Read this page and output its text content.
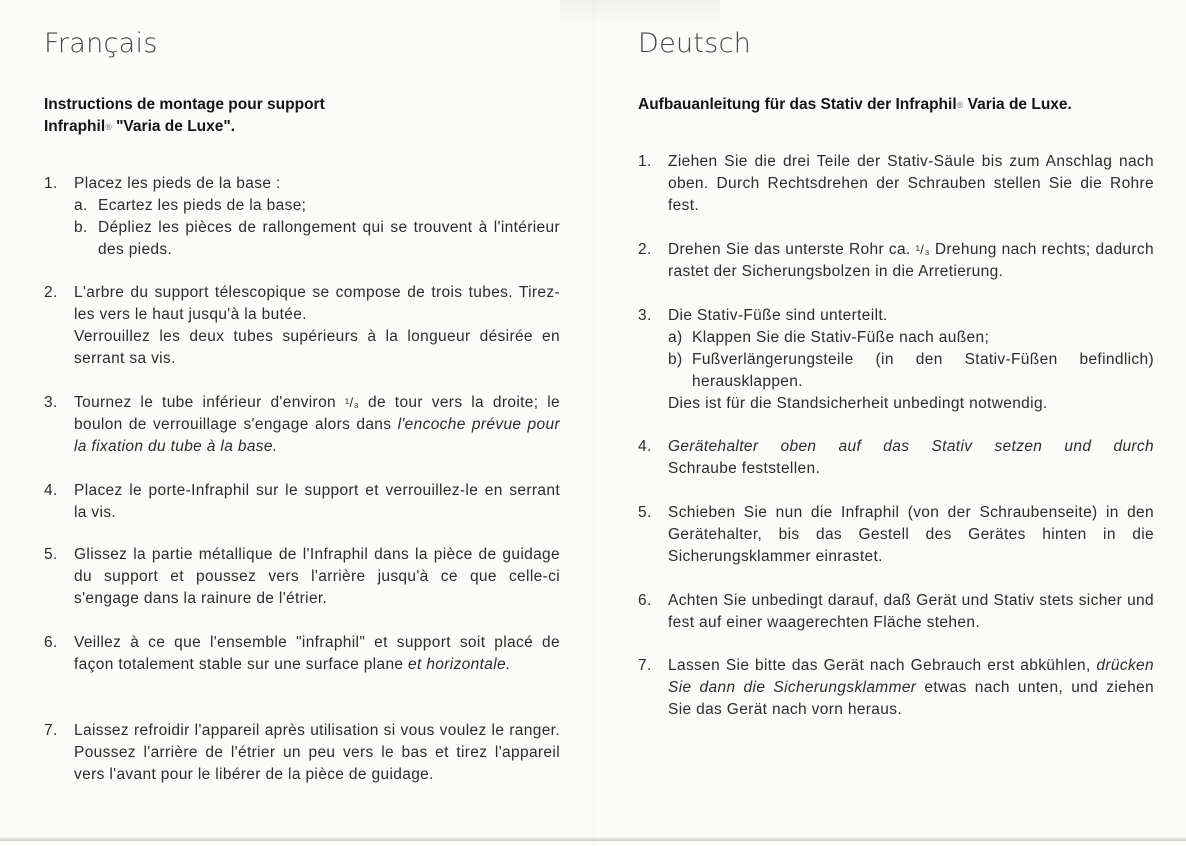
Français

Instructions de montage pour support
Infraphil® "Varia de Luxe".

1. Placez les pieds de la base :
a. Ecartez les pieds de la base;
b. Dépliez les pièces de rallongement qui se trouvent à l'intérieur des pieds.
2. L'arbre du support télescopique se compose de trois tubes. Tirez-les vers le haut jusqu'à la butée.
Verrouillez les deux tubes supérieurs à la longueur désirée en serrant sa vis.
3. Tournez le tube inférieur d'environ ¹/₃ de tour vers la droite; le boulon de verrouillage s'engage alors dans l'encoche prévue pour la fixation du tube à la base.
4. Placez le porte-Infraphil sur le support et verrouillez-le en serrant la vis.
5. Glissez la partie métallique de l'Infraphil dans la pièce de guidage du support et poussez vers l'arrière jusqu'à ce que celle-ci s'engage dans la rainure de l'étrier.
6. Veillez à ce que l'ensemble "infraphil" et support soit placé de façon totalement stable sur une surface plane et horizontale.
7. Laissez refroidir l'appareil après utilisation si vous voulez le ranger. Poussez l'arrière de l'étrier un peu vers le bas et tirez l'appareil vers l'avant pour le libérer de la pièce de guidage.
Deutsch

Aufbauanleitung für das Stativ der Infraphil® Varia de Luxe.

1. Ziehen Sie die drei Teile der Stativ-Säule bis zum Anschlag nach oben. Durch Rechtsdrehen der Schrauben stellen Sie die Rohre fest.
2. Drehen Sie das unterste Rohr ca. ¹/₃ Drehung nach rechts; dadurch rastet der Sicherungsbolzen in die Arretierung.
3. Die Stativ-Füße sind unterteilt.
a) Klappen Sie die Stativ-Füße nach außen;
b) Fußverlängerungsteile (in den Stativ-Füßen befindlich) herausklappen.
Dies ist für die Standsicherheit unbedingt notwendig.
4. Gerätehalter oben auf das Stativ setzen und durch
Schraube feststellen.
5. Schieben Sie nun die Infraphil (von der Schraubenseite) in den Gerätehalter, bis das Gestell des Gerätes hinten in die Sicherungsklammer einrastet.
6. Achten Sie unbedingt darauf, daß Gerät und Stativ stets sicher und fest auf einer waagerechten Fläche stehen.
7. Lassen Sie bitte das Gerät nach Gebrauch erst abkühlen, drücken Sie dann die Sicherungsklammer etwas nach unten, und ziehen Sie das Gerät nach vorn heraus.
